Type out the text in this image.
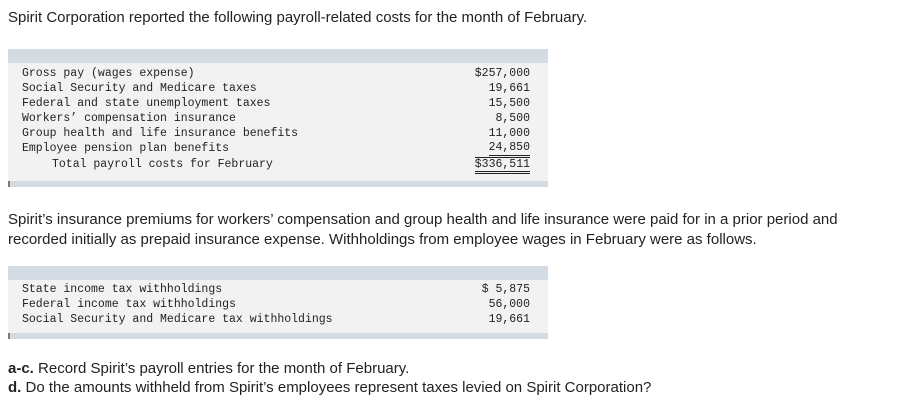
Spirit Corporation reported the following payroll-related costs for the month of February.

Gross pay (wages expense)	$257,000
Social Security and Medicare taxes	19,661
Federal and state unemployment taxes	15,500
Workers’ compensation insurance	8,500
Group health and life insurance benefits	11,000
Employee pension plan benefits	24,850
Total payroll costs for February	$336,511

Spirit’s insurance premiums for workers’ compensation and group health and life insurance were paid for in a prior period and
recorded initially as prepaid insurance expense. Withholdings from employee wages in February were as follows.

State income tax withholdings	$ 5,875
Federal income tax withholdings	56,000
Social Security and Medicare tax withholdings	19,661

a-c. Record Spirit’s payroll entries for the month of February.
d. Do the amounts withheld from Spirit’s employees represent taxes levied on Spirit Corporation?
